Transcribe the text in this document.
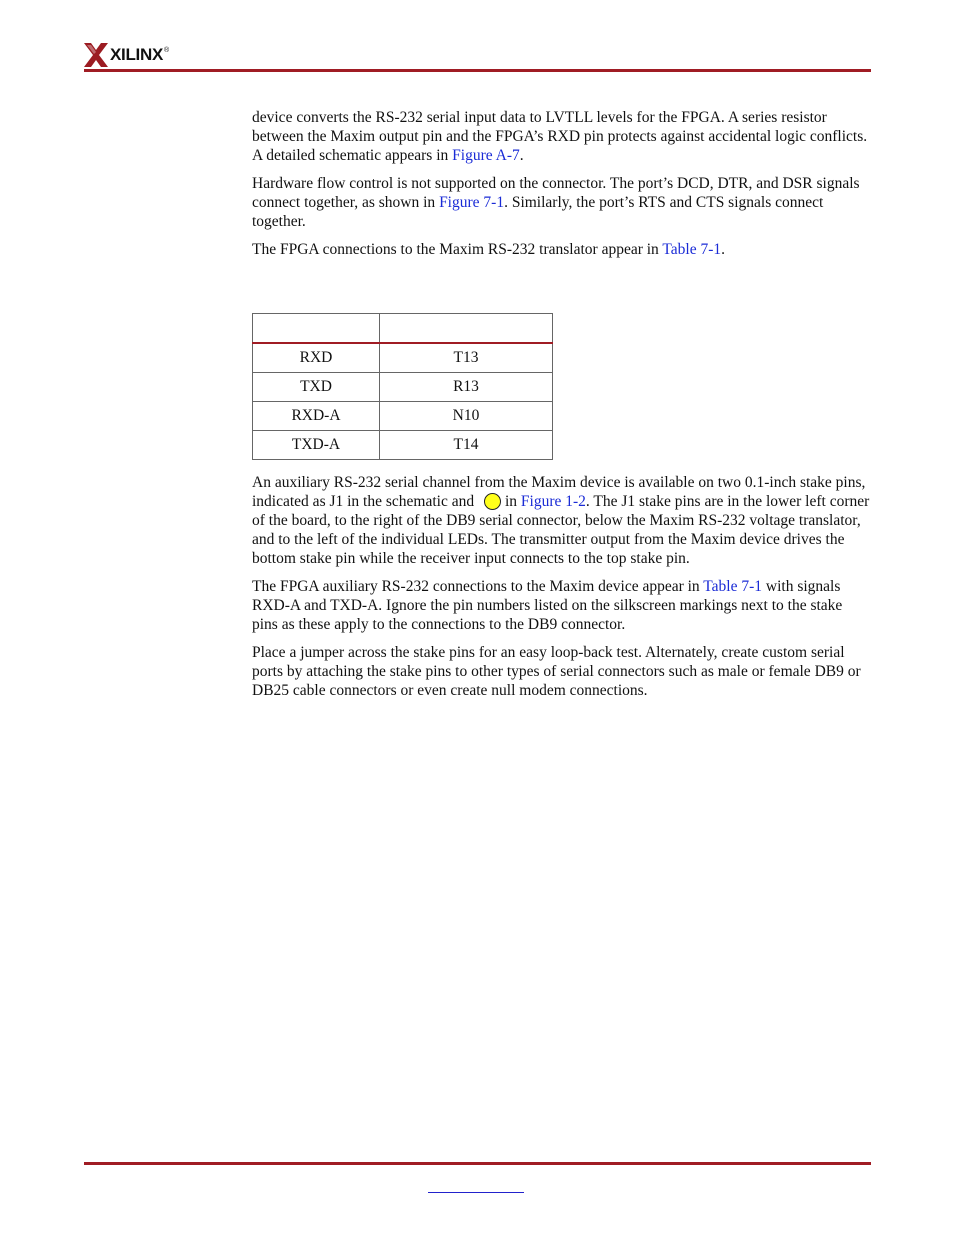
XILINX ®

device converts the RS-232 serial input data to LVTLL levels for the FPGA. A series resistor between the Maxim output pin and the FPGA’s RXD pin protects against accidental logic conflicts. A detailed schematic appears in Figure A-7.

Hardware flow control is not supported on the connector. The port’s DCD, DTR, and DSR signals connect together, as shown in Figure 7-1. Similarly, the port’s RTS and CTS signals connect together.

The FPGA connections to the Maxim RS-232 translator appear in Table 7-1.

RXD	T13
TXD	R13
RXD-A	N10
TXD-A	T14

An auxiliary RS-232 serial channel from the Maxim device is available on two 0.1-inch stake pins, indicated as J1 in the schematic and in Figure 1-2. The J1 stake pins are in the lower left corner of the board, to the right of the DB9 serial connector, below the Maxim RS-232 voltage translator, and to the left of the individual LEDs. The transmitter output from the Maxim device drives the bottom stake pin while the receiver input connects to the top stake pin.

The FPGA auxiliary RS-232 connections to the Maxim device appear in Table 7-1 with signals RXD-A and TXD-A. Ignore the pin numbers listed on the silkscreen markings next to the stake pins as these apply to the connections to the DB9 connector.

Place a jumper across the stake pins for an easy loop-back test. Alternately, create custom serial ports by attaching the stake pins to other types of serial connectors such as male or female DB9 or DB25 cable connectors or even create null modem connections.
